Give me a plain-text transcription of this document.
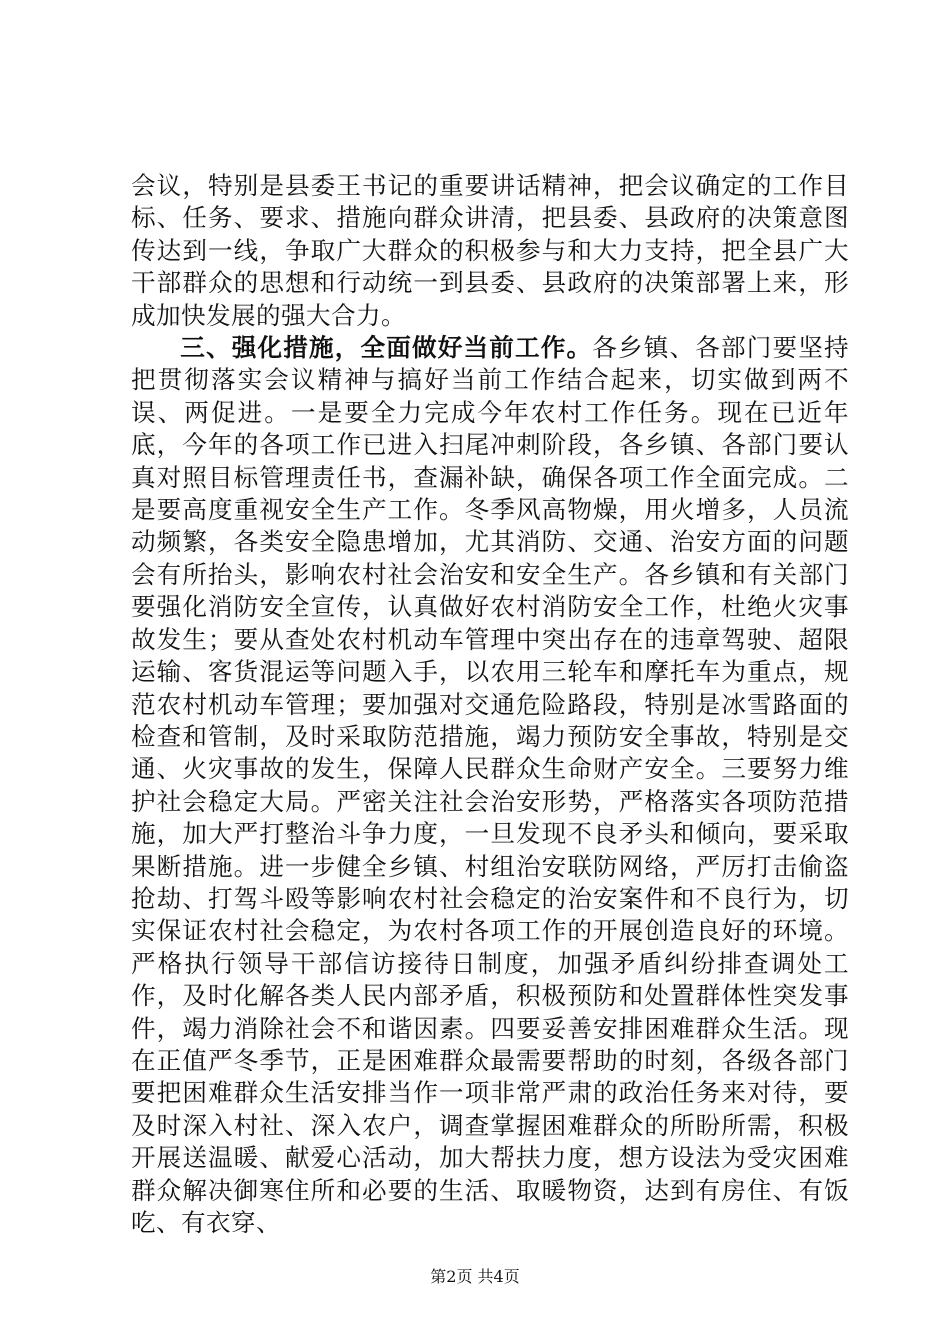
会议，特别是县委王书记的重要讲话精神，把会议确定的工作目标、任务、要求、措施向群众讲清，把县委、县政府的决策意图传达到一线，争取广大群众的积极参与和大力支持，把全县广大干部群众的思想和行动统一到县委、县政府的决策部署上来，形成加快发展的强大合力。

三、强化措施，全面做好当前工作。各乡镇、各部门要坚持把贯彻落实会议精神与搞好当前工作结合起来，切实做到两不误、两促进。一是要全力完成今年农村工作任务。现在已近年底，今年的各项工作已进入扫尾冲刺阶段，各乡镇、各部门要认真对照目标管理责任书，查漏补缺，确保各项工作全面完成。二是要高度重视安全生产工作。冬季风高物燥，用火增多，人员流动频繁，各类安全隐患增加，尤其消防、交通、治安方面的问题会有所抬头，影响农村社会治安和安全生产。各乡镇和有关部门要强化消防安全宣传，认真做好农村消防安全工作，杜绝火灾事故发生；要从查处农村机动车管理中突出存在的违章驾驶、超限运输、客货混运等问题入手，以农用三轮车和摩托车为重点，规范农村机动车管理；要加强对交通危险路段，特别是冰雪路面的检查和管制，及时采取防范措施，竭力预防安全事故，特别是交通、火灾事故的发生，保障人民群众生命财产安全。三要努力维护社会稳定大局。严密关注社会治安形势，严格落实各项防范措施，加大严打整治斗争力度，一旦发现不良矛头和倾向，要采取果断措施。进一步健全乡镇、村组治安联防网络，严厉打击偷盗抢劫、打驾斗殴等影响农村社会稳定的治安案件和不良行为，切实保证农村社会稳定，为农村各项工作的开展创造良好的环境。严格执行领导干部信访接待日制度，加强矛盾纠纷排查调处工作，及时化解各类人民内部矛盾，积极预防和处置群体性突发事件，竭力消除社会不和谐因素。四要妥善安排困难群众生活。现在正值严冬季节，正是困难群众最需要帮助的时刻，各级各部门要把困难群众生活安排当作一项非常严肃的政治任务来对待，要及时深入村社、深入农户，调查掌握困难群众的所盼所需，积极开展送温暖、献爱心活动，加大帮扶力度，想方设法为受灾困难群众解决御寒住所和必要的生活、取暖物资，达到有房住、有饭吃、有衣穿、

第2页 共4页
